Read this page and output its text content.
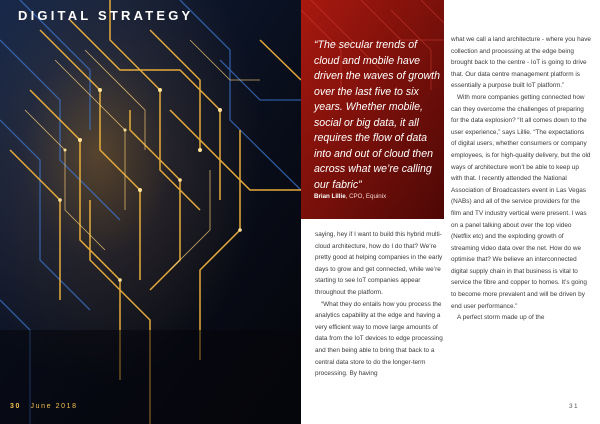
DIGITAL STRATEGY
30 June 2018
“The secular trends of cloud and mobile have driven the waves of growth over the last five to six years. Whether mobile, social or big data, it all requires the flow of data into and out of cloud then across what we’re calling our fabric”
Brian Lillie, CPO, Equinix

what we call a land architecture - where you have collection and processing at the edge being brought back to the centre - IoT is going to drive that. Our data centre management platform is essentially a purpose built IoT platform.”

With more companies getting connected how can they overcome the challenges of preparing for the data explosion? “It all comes down to the user experience,” says Lillie. “The expectations of digital users, whether consumers or company employees, is for high-quality delivery, but the old ways of architecture won’t be able to keep up with that. I recently attended the National Association of Broadcasters event in Las Vegas (NABs) and all of the service providers for the film and TV industry vertical were present. I was on a panel talking about over the top video (Netflix etc) and the exploding growth of streaming video data over the net. How do we optimise that? We believe an interconnected digital supply chain in that business is vital to service the fibre and copper to homes. It’s going to become more prevalent and will be driven by end user performance.”

A perfect storm made up of the

saying, hey if I want to build this hybrid multi-cloud architecture, how do I do that? We’re pretty good at helping companies in the early days to grow and get connected, while we’re starting to see IoT companies appear throughout the platform.

“What they do entails how you process the analytics capability at the edge and having a very efficient way to move large amounts of data from the IoT devices to edge processing and then being able to bring that back to a central data store to do the longer-term processing. By having

31
